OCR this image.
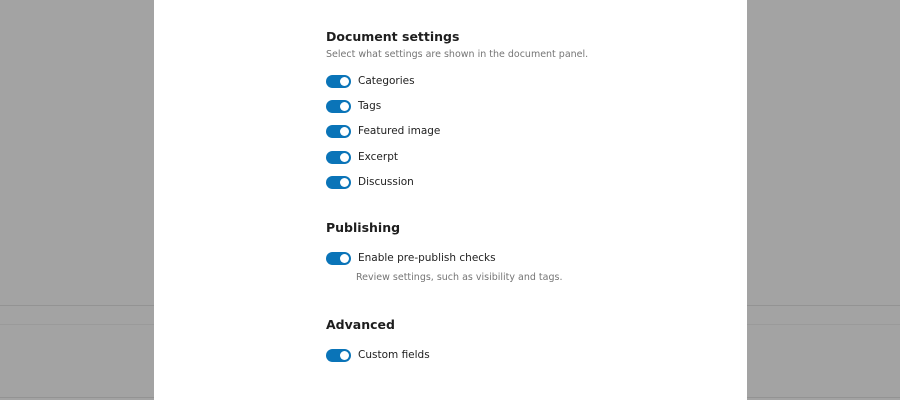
Document settings
Select what settings are shown in the document panel.
Categories
Tags
Featured image
Excerpt
Discussion
Publishing
Enable pre-publish checks
Review settings, such as visibility and tags.
Advanced
Custom fields
